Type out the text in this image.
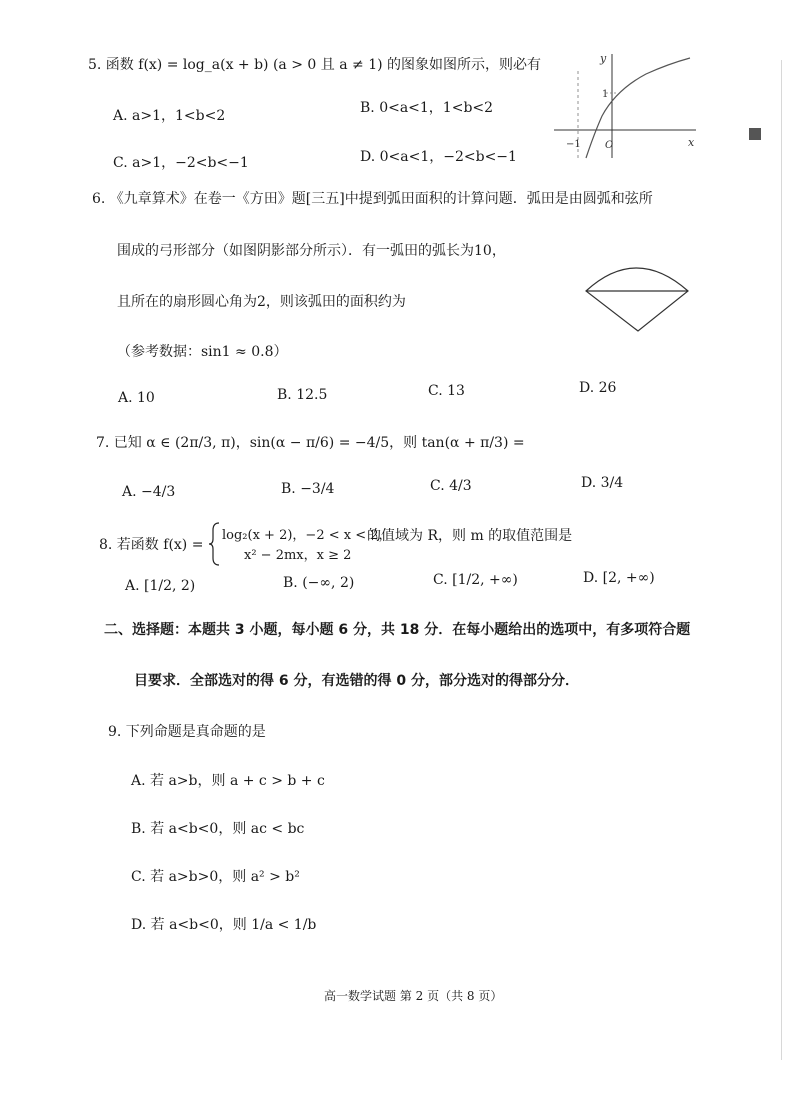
5. 函数 f(x) = log_a(x + b) (a > 0 且 a ≠ 1) 的图象如图所示，则必有
A. a>1，1<b<2	B. 0<a<1，1<b<2
C. a>1，−2<b<−1	D. 0<a<1，−2<b<−1
y
x
1
−1 O
6. 《九章算术》在卷一《方田》题[三五]中提到弧田面积的计算问题．弧田是由圆弧和弦所
围成的弓形部分（如图阴影部分所示）．有一弧田的弧长为10，
且所在的扇形圆心角为2，则该弧田的面积约为
（参考数据：sin1 ≈ 0.8）
A. 10	B. 12.5	C. 13	D. 26
7. 已知 α ∈ (2π/3, π)，sin(α − π/6) = −4/5，则 tan(α + π/3) =
A. −4/3	B. −3/4	C. 4/3	D. 3/4
8. 若函数 f(x) =
log₂(x + 2)，−2 < x < 2，
x² − 2mx，x ≥ 2
的值域为 R，则 m 的取值范围是
A. [1/2, 2)	B. (−∞, 2)	C. [1/2, +∞)	D. [2, +∞)
二、选择题：本题共 3 小题，每小题 6 分，共 18 分．在每小题给出的选项中，有多项符合题
目要求．全部选对的得 6 分，有选错的得 0 分，部分选对的得部分分．
9. 下列命题是真命题的是
A. 若 a>b，则 a + c > b + c
B. 若 a<b<0，则 ac < bc
C. 若 a>b>0，则 a² > b²
D. 若 a<b<0，则 1/a < 1/b
高一数学试题 第 2 页（共 8 页）
